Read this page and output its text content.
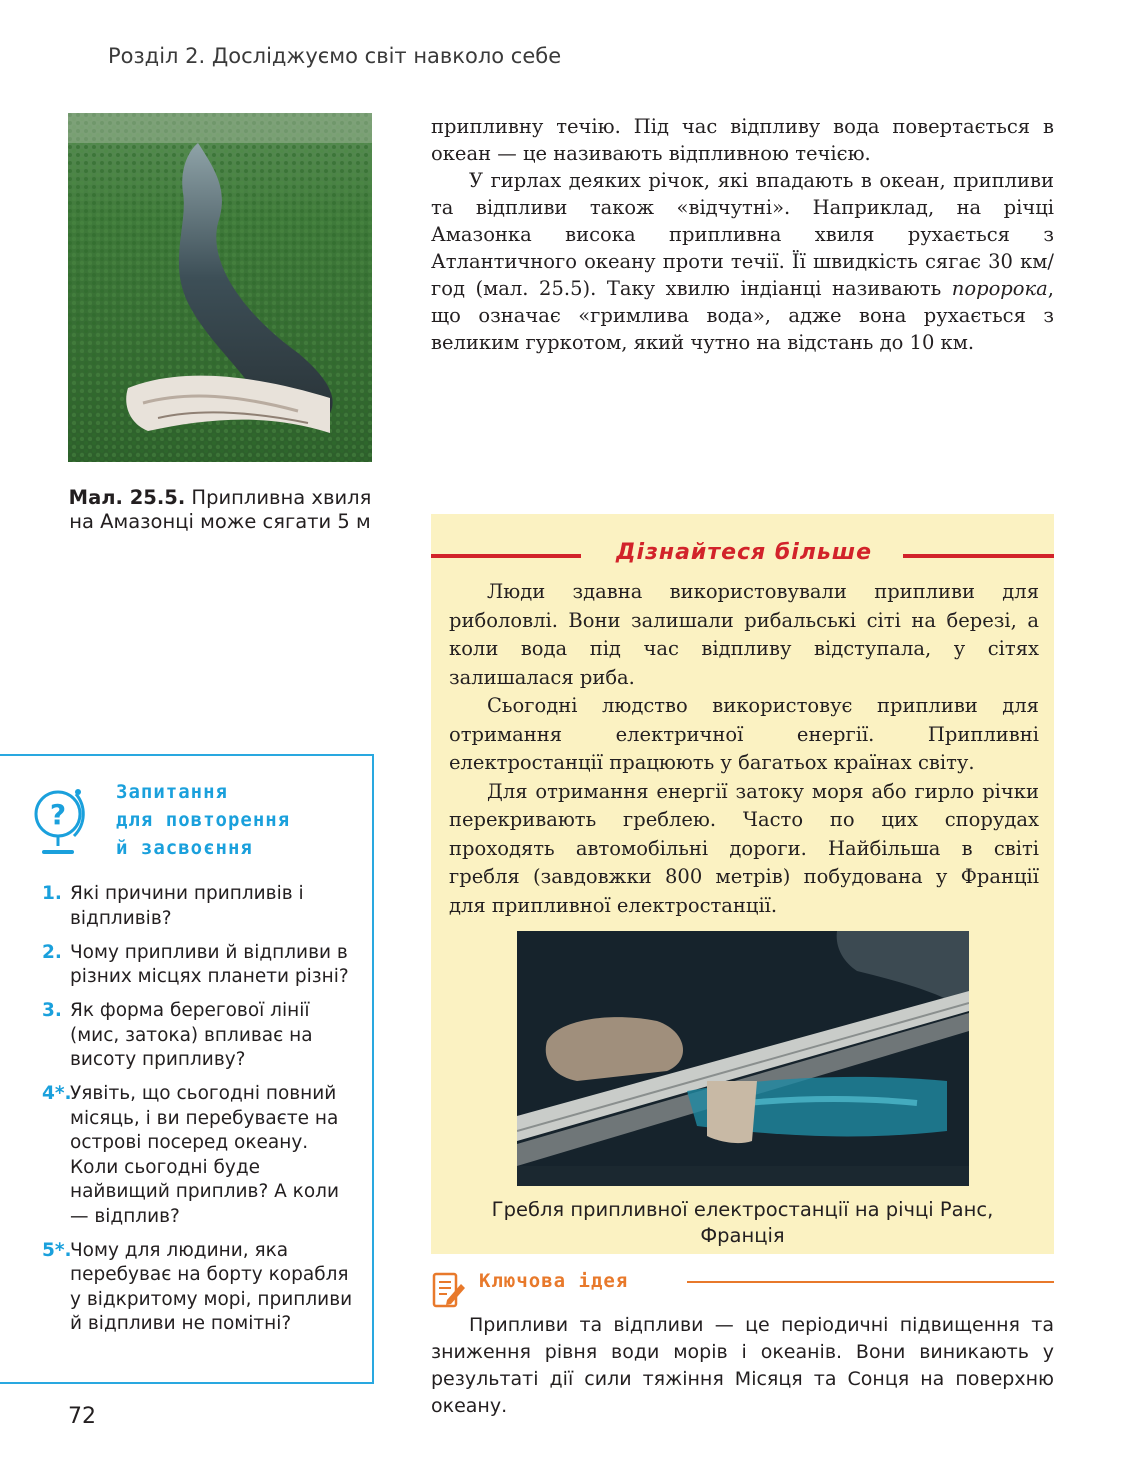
Розділ 2. Досліджуємо світ навколо себе
Мал. 25.5. Припливна хвиля на Амазонці може сягати 5 м

припливну течію. Під час відпливу вода повертається в океан — це називають відпливною течією.

У гирлах деяких річок, які впадають в океан, припливи та відпливи також «відчутні». Наприклад, на річці Амазонка висока припливна хвиля рухається з Атлантичного океану проти течії. Її швидкість сягає 30 км/год (мал. 25.5). Таку хвилю індіанці називають поророка, що означає «гримлива вода», адже вона рухається з великим гуркотом, який чутно на відстань до 10 км.

Дізнайтеся більше

Люди здавна використовували припливи для риболовлі. Вони залишали рибальські сіті на березі, а коли вода під час відпливу відступала, у сітях залишалася риба.

Сьогодні людство використовує припливи для отримання електричної енергії. Припливні електростанції працюють у багатьох країнах світу.

Для отримання енергії затоку моря або гирло річки перекривають греблею. Часто по цих спорудах проходять автомобільні дороги. Найбільша в світі гребля (завдовжки 800 метрів) побудована у Франції для припливної електростанції.

Гребля припливної електростанції на річці Ранс, Франція
?
Запитання
для повторення
й засвоєння
1. Які причини припливів і відпливів?
2. Чому припливи й відпливи в різних місцях планети різні?
3. Як форма берегової лінії (мис, затока) впливає на висоту припливу?
4*.
Уявіть, що сьогодні повний місяць, і ви перебуваєте на острові посеред океану. Коли сьогодні буде найвищий приплив? А коли — відплив?
5*.
Чому для людини, яка перебуває на борту корабля у відкритому морі, припливи й відпливи не помітні?
Ключова ідея

Припливи та відпливи — це періодичні підвищення та зниження рівня води морів і океанів. Вони виникають у результаті дії сили тяжіння Місяця та Сонця на поверхню океану.

72
